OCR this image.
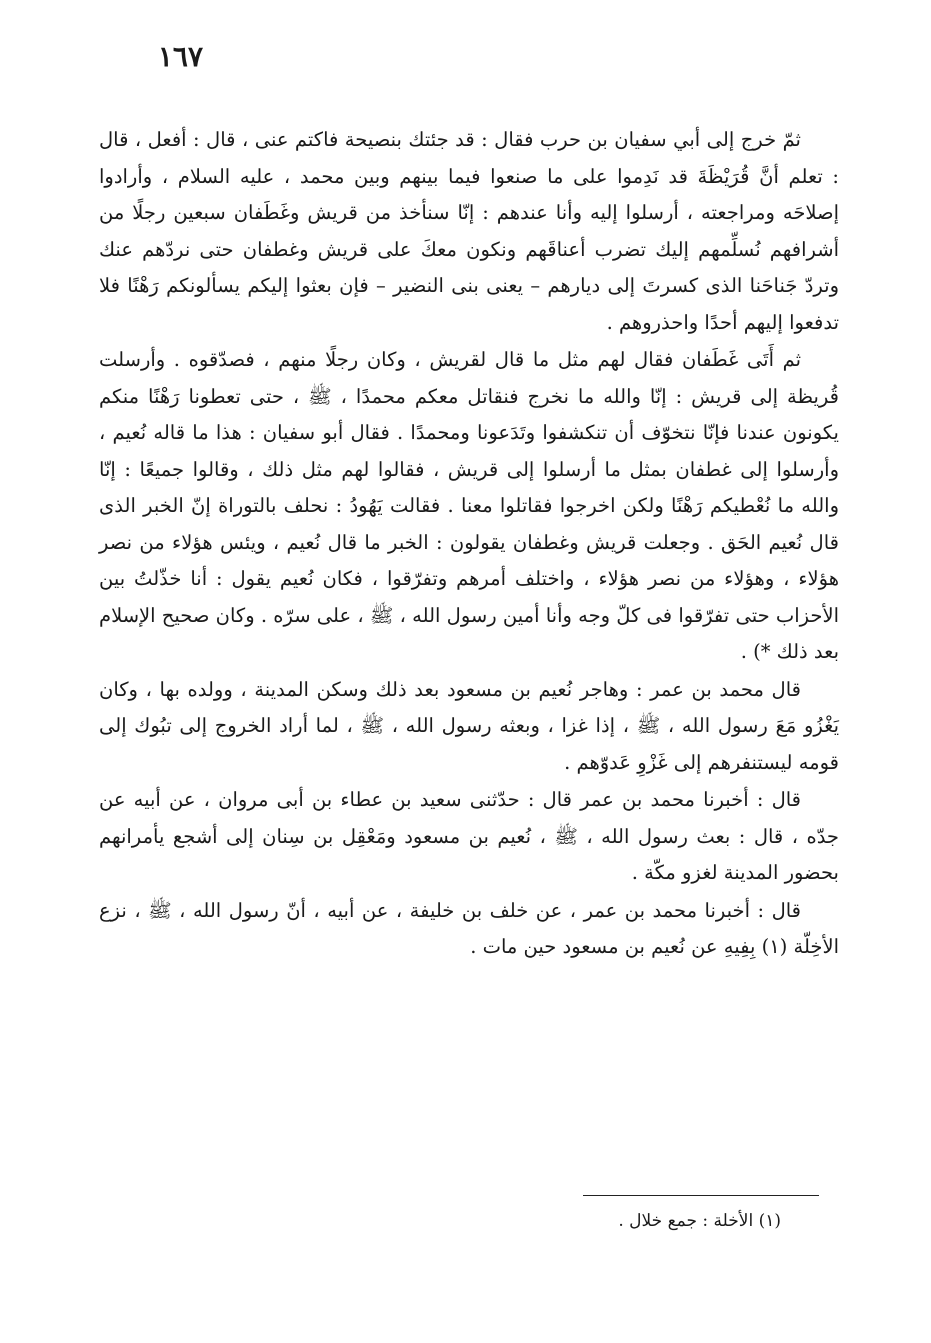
١٦٧

ثمّ خرج إلى أبي سفيان بن حرب فقال : قد جئتك بنصيحة فاكتم عنى ، قال : أفعل ، قال : تعلم أنَّ قُرَيْظَةَ قد نَدِموا على ما صنعوا فيما بينهم وبين محمد ، عليه السلام ، وأرادوا إصلاحَه ومراجعته ، أرسلوا إليه وأنا عندهم : إنّا سنأخذ من قريش وغَطَفان سبعين رجلًا من أشرافهم نُسلِّمهم إليك تضرب أعناقَهم ونكون معكَ على قريش وغطفان حتى نردّهم عنك وتردّ جَناحَنا الذى كسرتَ إلى ديارهم – يعنى بنى النضير – فإن بعثوا إليكم يسألونكم رَهْنًا فلا تدفعوا إليهم أحدًا واحذروهم .

ثم أَتَى غَطَفان فقال لهم مثل ما قال لقريش ، وكان رجلًا منهم ، فصدّقوه . وأرسلت قُريظة إلى قريش : إنّا والله ما نخرج فنقاتل معكم محمدًا ، ﷺ ، حتى تعطونا رَهْنًا منكم يكونون عندنا فإنّا نتخوّف أن تنكشفوا وتَدَعونا ومحمدًا . فقال أبو سفيان : هذا ما قاله نُعيم ، وأرسلوا إلى غطفان بمثل ما أرسلوا إلى قريش ، فقالوا لهم مثل ذلك ، وقالوا جميعًا : إنّا والله ما نُعْطيكم رَهْنًا ولكن اخرجوا فقاتلوا معنا . فقالت يَهُودُ : نحلف بالتوراة إنّ الخبر الذى قال نُعيم الحَق . وجعلت قريش وغطفان يقولون : الخبر ما قال نُعيم ، ويئس هؤلاء من نصر هؤلاء ، وهؤلاء من نصر هؤلاء ، واختلف أمرهم وتفرّقوا ، فكان نُعيم يقول : أنا خذّلتُ بين الأحزاب حتى تفرّقوا فى كلّ وجه وأنا أمين رسول الله ، ﷺ ، على سرّه . وكان صحيح الإسلام بعد ذلك *) .

قال محمد بن عمر : وهاجر نُعيم بن مسعود بعد ذلك وسكن المدينة ، وولده بها ، وكان يَغْزُو مَعَ رسول الله ، ﷺ ، إذا غزا ، وبعثه رسول الله ، ﷺ ، لما أراد الخروج إلى تبُوك إلى قومه ليستنفرهم إلى غَزْوِ عَدوّهم .

قال : أخبرنا محمد بن عمر قال : حدّثنى سعيد بن عطاء بن أبى مروان ، عن أبيه عن جدّه ، قال : بعث رسول الله ، ﷺ ، نُعيم بن مسعود ومَعْقِل بن سِنان إلى أشجع يأمرانهم بحضور المدينة لغزو مكّة .

قال : أخبرنا محمد بن عمر ، عن خلف بن خليفة ، عن أبيه ، أنّ رسول الله ، ﷺ ، نزع الأخِلّة (١) بِفِيهِ عن نُعيم بن مسعود حين مات .

(١) الأخلة : جمع خلال .
